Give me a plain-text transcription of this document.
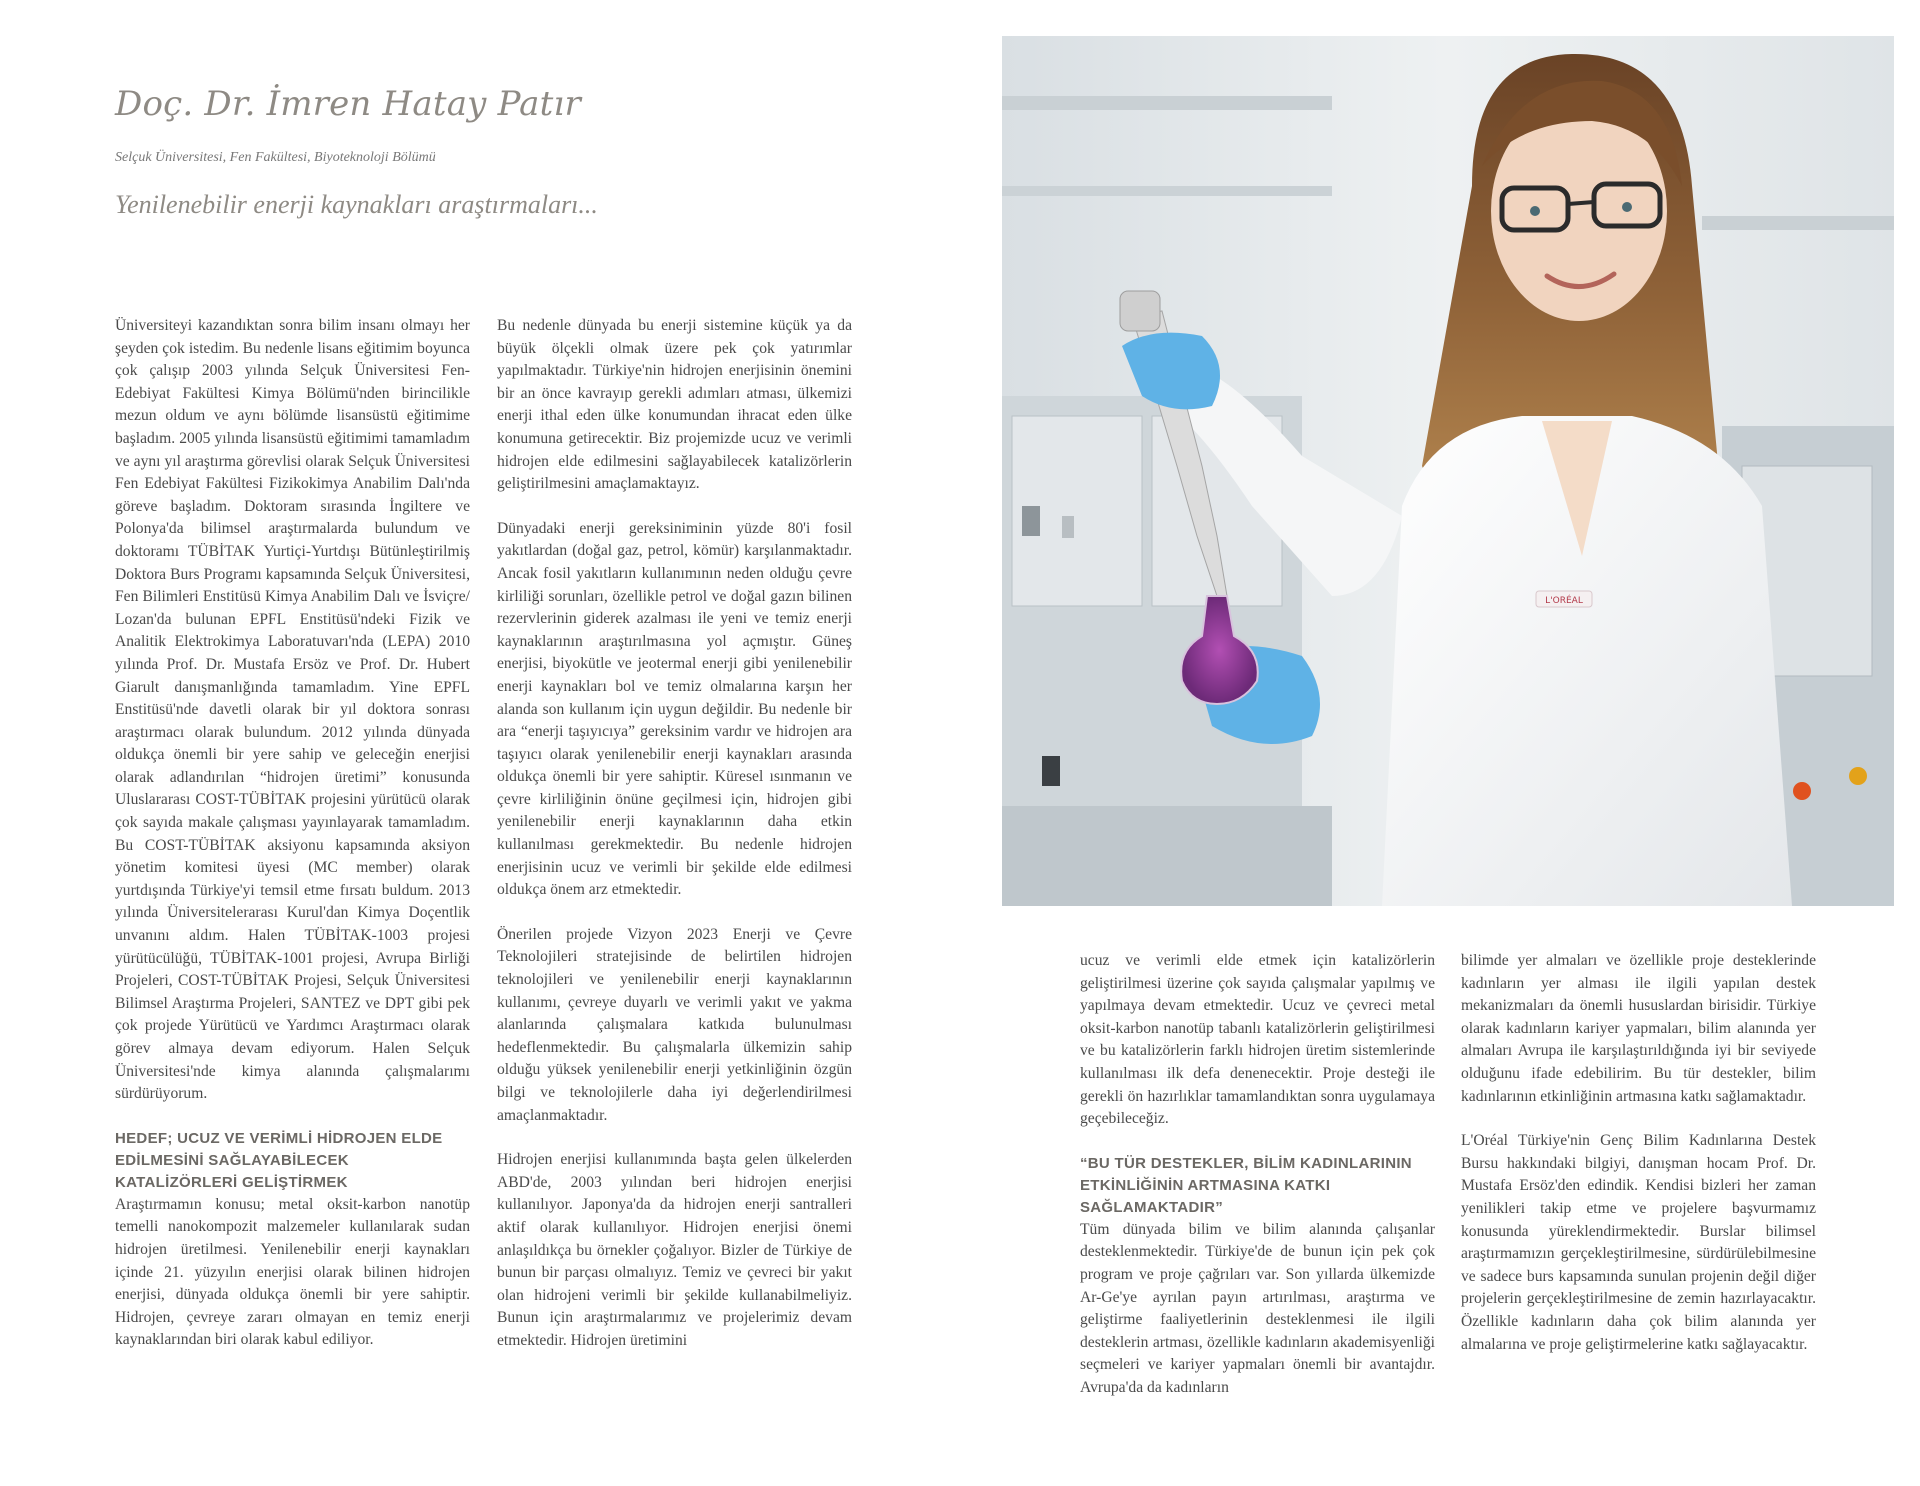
Doç. Dr. İmren Hatay Patır
Selçuk Üniversitesi, Fen Fakültesi, Biyoteknoloji Bölümü
Yenilenebilir enerji kaynakları araştırmaları...

Üniversiteyi kazandıktan sonra bilim insanı olmayı her şeyden çok istedim. Bu nedenle lisans eğitimim boyunca çok çalışıp 2003 yılında Selçuk Üniversitesi Fen-Edebiyat Fakültesi Kimya Bölümü'nden birincilikle mezun oldum ve aynı bölümde lisansüstü eğitimime başladım. 2005 yılında lisansüstü eğitimimi tamamladım ve aynı yıl araştırma görevlisi olarak Selçuk Üniversitesi Fen Edebiyat Fakültesi Fizikokimya Anabilim Dalı'nda göreve başladım. Doktoram sırasında İngiltere ve Polonya'da bilimsel araştırmalarda bulundum ve doktoramı TÜBİTAK Yurtiçi-Yurtdışı Bütünleştirilmiş Doktora Burs Programı kapsamında Selçuk Üniversitesi, Fen Bilimleri Enstitüsü Kimya Anabilim Dalı ve İsviçre/ Lozan'da bulunan EPFL Enstitüsü'ndeki Fizik ve Analitik Elektrokimya Laboratuvarı'nda (LEPA) 2010 yılında Prof. Dr. Mustafa Ersöz ve Prof. Dr. Hubert Giarult danışmanlığında tamamladım. Yine EPFL Enstitüsü'nde davetli olarak bir yıl doktora sonrası araştırmacı olarak bulundum. 2012 yılında dünyada oldukça önemli bir yere sahip ve geleceğin enerjisi olarak adlandırılan “hidrojen üretimi” konusunda Uluslararası COST-TÜBİTAK projesini yürütücü olarak çok sayıda makale çalışması yayınlayarak tamamladım. Bu COST-TÜBİTAK aksiyonu kapsamında aksiyon yönetim komitesi üyesi (MC member) olarak yurtdışında Türkiye'yi temsil etme fırsatı buldum. 2013 yılında Üniversitelerarası Kurul'dan Kimya Doçentlik unvanını aldım. Halen TÜBİTAK-1003 projesi yürütücülüğü, TÜBİTAK-1001 projesi, Avrupa Birliği Projeleri, COST-TÜBİTAK Projesi, Selçuk Üniversitesi Bilimsel Araştırma Projeleri, SANTEZ ve DPT gibi pek çok projede Yürütücü ve Yardımcı Araştırmacı olarak görev almaya devam ediyorum. Halen Selçuk Üniversitesi'nde kimya alanında çalışmalarımı sürdürüyorum.

HEDEF; UCUZ VE VERİMLİ HİDROJEN ELDE EDİLMESİNİ SAĞLAYABİLECEK KATALİZÖRLERİ GELİŞTİRMEK

Araştırmamın konusu; metal oksit-karbon nanotüp temelli nanokompozit malzemeler kullanılarak sudan hidrojen üretilmesi. Yenilenebilir enerji kaynakları içinde 21. yüzyılın enerjisi olarak bilinen hidrojen enerjisi, dünyada oldukça önemli bir yere sahiptir. Hidrojen, çevreye zararı olmayan en temiz enerji kaynaklarından biri olarak kabul ediliyor.

Bu nedenle dünyada bu enerji sistemine küçük ya da büyük ölçekli olmak üzere pek çok yatırımlar yapılmaktadır. Türkiye'nin hidrojen enerjisinin önemini bir an önce kavrayıp gerekli adımları atması, ülkemizi enerji ithal eden ülke konumundan ihracat eden ülke konumuna getirecektir. Biz projemizde ucuz ve verimli hidrojen elde edilmesini sağlayabilecek katalizörlerin geliştirilmesini amaçlamaktayız.

Dünyadaki enerji gereksiniminin yüzde 80'i fosil yakıtlardan (doğal gaz, petrol, kömür) karşılanmaktadır. Ancak fosil yakıtların kullanımının neden olduğu çevre kirliliği sorunları, özellikle petrol ve doğal gazın bilinen rezervlerinin giderek azalması ile yeni ve temiz enerji kaynaklarının araştırılmasına yol açmıştır. Güneş enerjisi, biyokütle ve jeotermal enerji gibi yenilenebilir enerji kaynakları bol ve temiz olmalarına karşın her alanda son kullanım için uygun değildir. Bu nedenle bir ara “enerji taşıyıcıya” gereksinim vardır ve hidrojen ara taşıyıcı olarak yenilenebilir enerji kaynakları arasında oldukça önemli bir yere sahiptir. Küresel ısınmanın ve çevre kirliliğinin önüne geçilmesi için, hidrojen gibi yenilenebilir enerji kaynaklarının daha etkin kullanılması gerekmektedir. Bu nedenle hidrojen enerjisinin ucuz ve verimli bir şekilde elde edilmesi oldukça önem arz etmektedir.

Önerilen projede Vizyon 2023 Enerji ve Çevre Teknolojileri stratejisinde de belirtilen hidrojen teknolojileri ve yenilenebilir enerji kaynaklarının kullanımı, çevreye duyarlı ve verimli yakıt ve yakma alanlarında çalışmalara katkıda bulunulması hedeflenmektedir. Bu çalışmalarla ülkemizin sahip olduğu yüksek yenilenebilir enerji yetkinliğinin özgün bilgi ve teknolojilerle daha iyi değerlendirilmesi amaçlanmaktadır.

Hidrojen enerjisi kullanımında başta gelen ülkelerden ABD'de, 2003 yılından beri hidrojen enerjisi kullanılıyor. Japonya'da da hidrojen enerji santralleri aktif olarak kullanılıyor. Hidrojen enerjisi önemi anlaşıldıkça bu örnekler çoğalıyor. Bizler de Türkiye de bunun bir parçası olmalıyız. Temiz ve çevreci bir yakıt olan hidrojeni verimli bir şekilde kullanabilmeliyiz. Bunun için araştırmalarımız ve projelerimiz devam etmektedir. Hidrojen üretimini

L'ORÉAL

ucuz ve verimli elde etmek için katalizörlerin geliştirilmesi üzerine çok sayıda çalışmalar yapılmış ve yapılmaya devam etmektedir. Ucuz ve çevreci metal oksit-karbon nanotüp tabanlı katalizörlerin geliştirilmesi ve bu katalizörlerin farklı hidrojen üretim sistemlerinde kullanılması ilk defa denenecektir. Proje desteği ile gerekli ön hazırlıklar tamamlandıktan sonra uygulamaya geçebileceğiz.

“BU TÜR DESTEKLER, BİLİM KADINLARININ ETKİNLİĞİNİN ARTMASINA KATKI SAĞLAMAKTADIR”

Tüm dünyada bilim ve bilim alanında çalışanlar desteklenmektedir. Türkiye'de de bunun için pek çok program ve proje çağrıları var. Son yıllarda ülkemizde Ar-Ge'ye ayrılan payın artırılması, araştırma ve geliştirme faaliyetlerinin desteklenmesi ile ilgili desteklerin artması, özellikle kadınların akademisyenliği seçmeleri ve kariyer yapmaları önemli bir avantajdır. Avrupa'da da kadınların

bilimde yer almaları ve özellikle proje desteklerinde kadınların yer alması ile ilgili yapılan destek mekanizmaları da önemli hususlardan birisidir. Türkiye olarak kadınların kariyer yapmaları, bilim alanında yer almaları Avrupa ile karşılaştırıldığında iyi bir seviyede olduğunu ifade edebilirim. Bu tür destekler, bilim kadınlarının etkinliğinin artmasına katkı sağlamaktadır.

L'Oréal Türkiye'nin Genç Bilim Kadınlarına Destek Bursu hakkındaki bilgiyi, danışman hocam Prof. Dr. Mustafa Ersöz'den edindik. Kendisi bizleri her zaman yenilikleri takip etme ve projelere başvurmamız konusunda yüreklendirmektedir. Burslar bilimsel araştırmamızın gerçekleştirilmesine, sürdürülebilmesine ve sadece burs kapsamında sunulan projenin değil diğer projelerin gerçekleştirilmesine de zemin hazırlayacaktır. Özellikle kadınların daha çok bilim alanında yer almalarına ve proje geliştirmelerine katkı sağlayacaktır.
